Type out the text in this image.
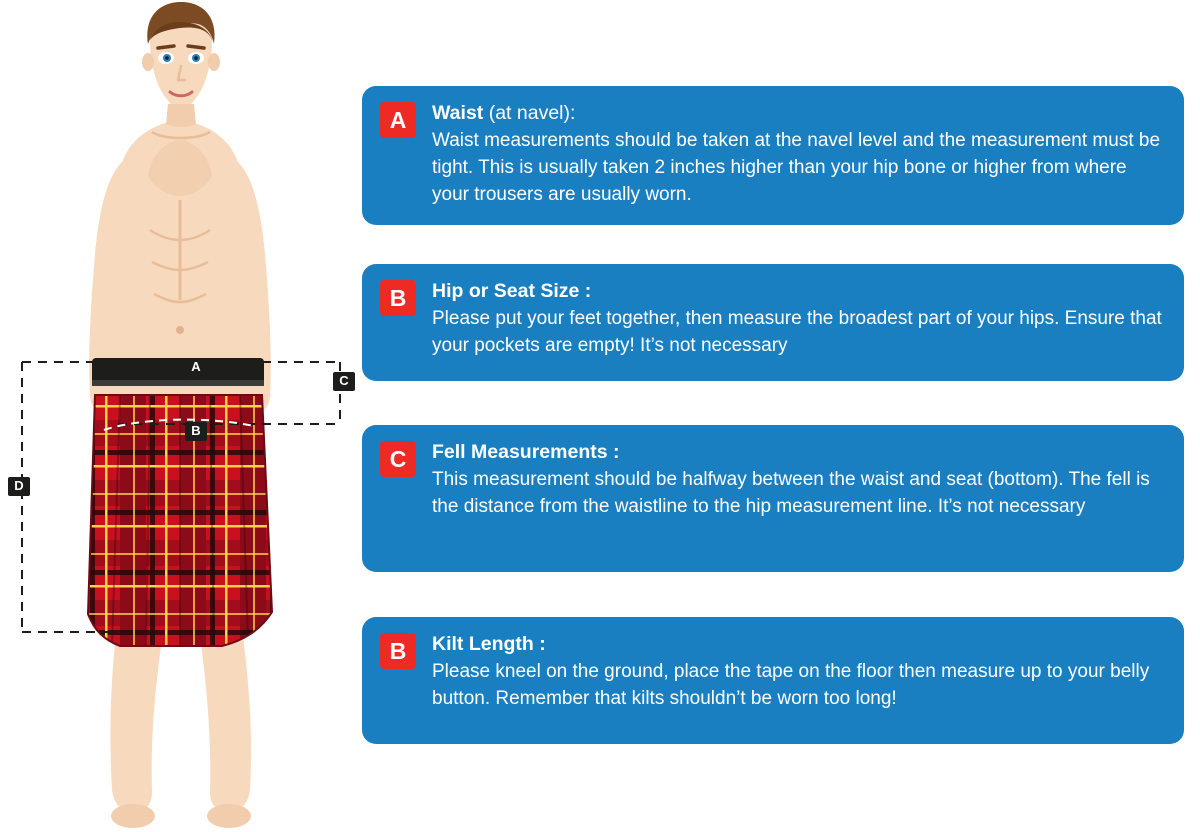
A
B
C
D
A	Waist (at navel):

Waist measurements should be taken at the navel level and the measurement must be tight. This is usually taken 2 inches higher than your hip bone or higher from where your trousers are usually worn.

B	Hip or Seat Size :

Please put your feet together, then measure the broadest part of your hips. Ensure that your pockets are empty! It’s not necessary

C	Fell Measurements :

This measurement should be halfway between the waist and seat (bottom). The fell is the distance from the waistline to the hip measurement line. It’s not necessary

B	Kilt Length :

Please kneel on the ground, place the tape on the floor then measure up to your belly button. Remember that kilts shouldn’t be worn too long!
